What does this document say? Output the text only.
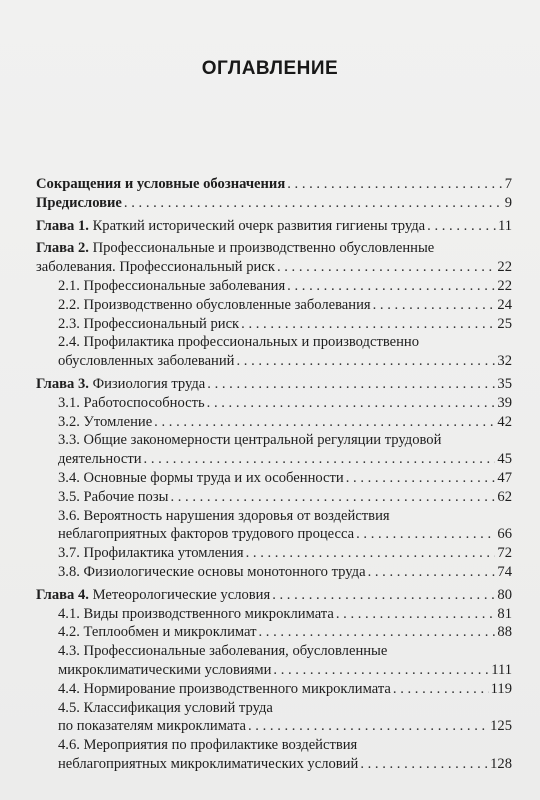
ОГЛАВЛЕНИЕ
Сокращения и условные обозначения . . .	7
Предисловие . . .	9
Глава 1. Краткий исторический очерк развития гигиены труда . . .	11
Глава 2. Профессиональные и производственно обусловленные
заболевания. Профессиональный риск . . .	22
2.1. Профессиональные заболевания . . .	22
2.2. Производственно обусловленные заболевания . . .	24
2.3. Профессиональный риск . . .	25
2.4. Профилактика профессиональных и производственно
обусловленных заболеваний . . .	32
Глава 3. Физиология труда . . .	35
3.1. Работоспособность . . .	39
3.2. Утомление . . .	42
3.3. Общие закономерности центральной регуляции трудовой
деятельности . . .	45
3.4. Основные формы труда и их особенности . . .	47
3.5. Рабочие позы . . .	62
3.6. Вероятность нарушения здоровья от воздействия
неблагоприятных факторов трудового процесса . . .	66
3.7. Профилактика утомления . . .	72
3.8. Физиологические основы монотонного труда . . .	74
Глава 4. Метеорологические условия . . .	80
4.1. Виды производственного микроклимата . . .	81
4.2. Теплообмен и микроклимат . . .	88
4.3. Профессиональные заболевания, обусловленные
микроклиматическими условиями . . .	111
4.4. Нормирование производственного микроклимата . . .	119
4.5. Классификация условий труда
по показателям микроклимата . . .	125
4.6. Мероприятия по профилактике воздействия
неблагоприятных микроклиматических условий . . .	128
